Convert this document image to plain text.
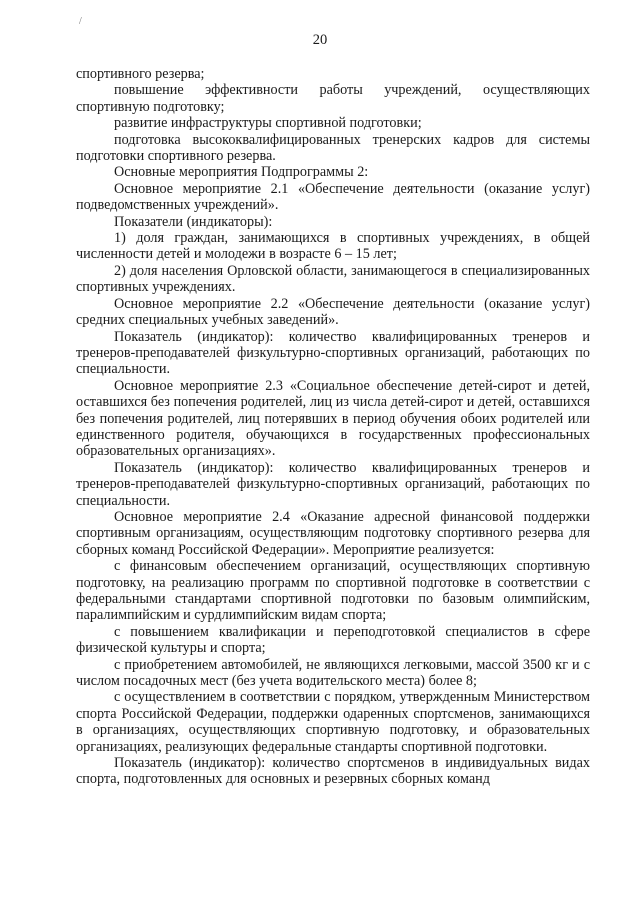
/
20

спортивного резерва;

повышение эффективности работы учреждений, осуществляющих спортивную подготовку;

развитие инфраструктуры спортивной подготовки;

подготовка высококвалифицированных тренерских кадров для системы подготовки спортивного резерва.

Основные мероприятия Подпрограммы 2:

Основное мероприятие 2.1 «Обеспечение деятельности (оказание услуг) подведомственных учреждений».

Показатели (индикаторы):

1) доля граждан, занимающихся в спортивных учреждениях, в общей численности детей и молодежи в возрасте 6 – 15 лет;

2) доля населения Орловской области, занимающегося в специализированных спортивных учреждениях.

Основное мероприятие 2.2 «Обеспечение деятельности (оказание услуг) средних специальных учебных заведений».

Показатель (индикатор): количество квалифицированных тренеров и тренеров-преподавателей физкультурно-спортивных организаций, работающих по специальности.

Основное мероприятие 2.3 «Социальное обеспечение детей-сирот и детей, оставшихся без попечения родителей, лиц из числа детей-сирот и детей, оставшихся без попечения родителей, лиц потерявших в период обучения обоих родителей или единственного родителя, обучающихся в государственных профессиональных образовательных организациях».

Показатель (индикатор): количество квалифицированных тренеров и тренеров-преподавателей физкультурно-спортивных организаций, работающих по специальности.

Основное мероприятие 2.4 «Оказание адресной финансовой поддержки спортивным организациям, осуществляющим подготовку спортивного резерва для сборных команд Российской Федерации». Мероприятие реализуется:

с финансовым обеспечением организаций, осуществляющих спортивную подготовку, на реализацию программ по спортивной подготовке в соответствии с федеральными стандартами спортивной подготовки по базовым олимпийским, паралимпийским и сурдлимпийским видам спорта;

с повышением квалификации и переподготовкой специалистов в сфере физической культуры и спорта;

с приобретением автомобилей, не являющихся легковыми, массой 3500 кг и с числом посадочных мест (без учета водительского места) более 8;

с осуществлением в соответствии с порядком, утвержденным Министерством спорта Российской Федерации, поддержки одаренных спортсменов, занимающихся в организациях, осуществляющих спортивную подготовку, и образовательных организациях, реализующих федеральные стандарты спортивной подготовки.

Показатель (индикатор): количество спортсменов в индивидуальных видах спорта, подготовленных для основных и резервных сборных команд
